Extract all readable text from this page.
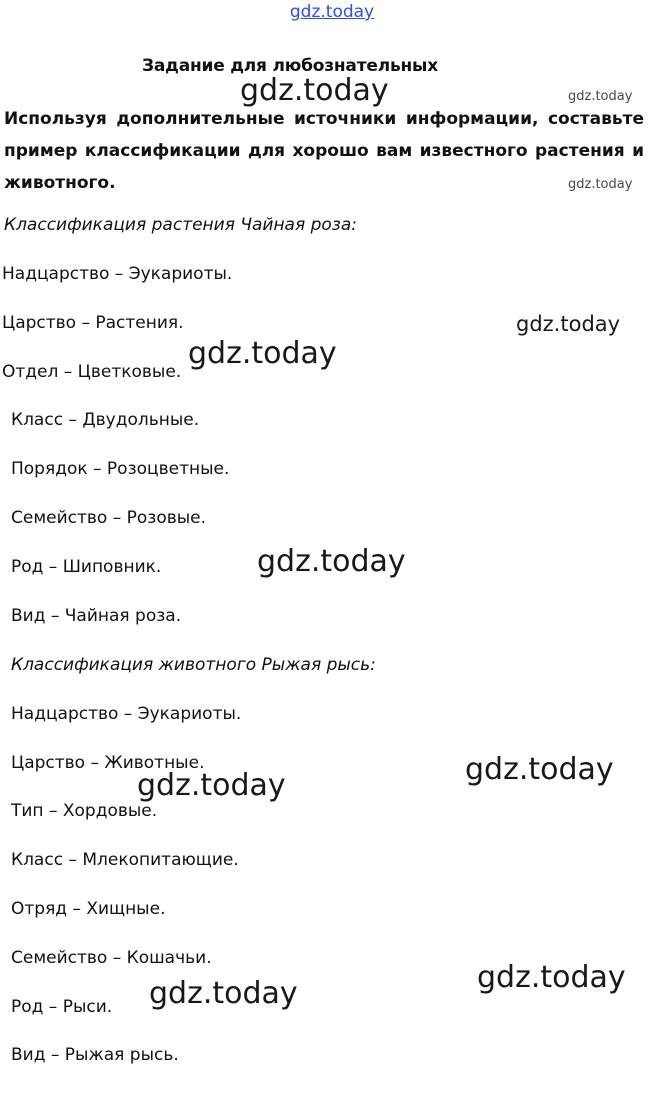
gdz.today
Задание для любознательных
Используя дополнительные источники информации, составьте пример классификации для хорошо вам известного растения и животного.
Классификация растения Чайная роза:
Надцарство – Эукариоты.
Царство – Растения.
Отдел – Цветковые.
Класс – Двудольные.
Порядок – Розоцветные.
Семейство – Розовые.
Род – Шиповник.
Вид – Чайная роза.
Классификация животного Рыжая рысь:
Надцарство – Эукариоты.
Царство – Животные.
Тип – Хордовые.
Класс – Млекопитающие.
Отряд – Хищные.
Семейство – Кошачьи.
Род – Рыси.
Вид – Рыжая рысь.
gdz.today	gdz.today
gdz.today
gdz.today
gdz.today
gdz.today
gdz.today
gdz.today
gdz.today
gdz.today
